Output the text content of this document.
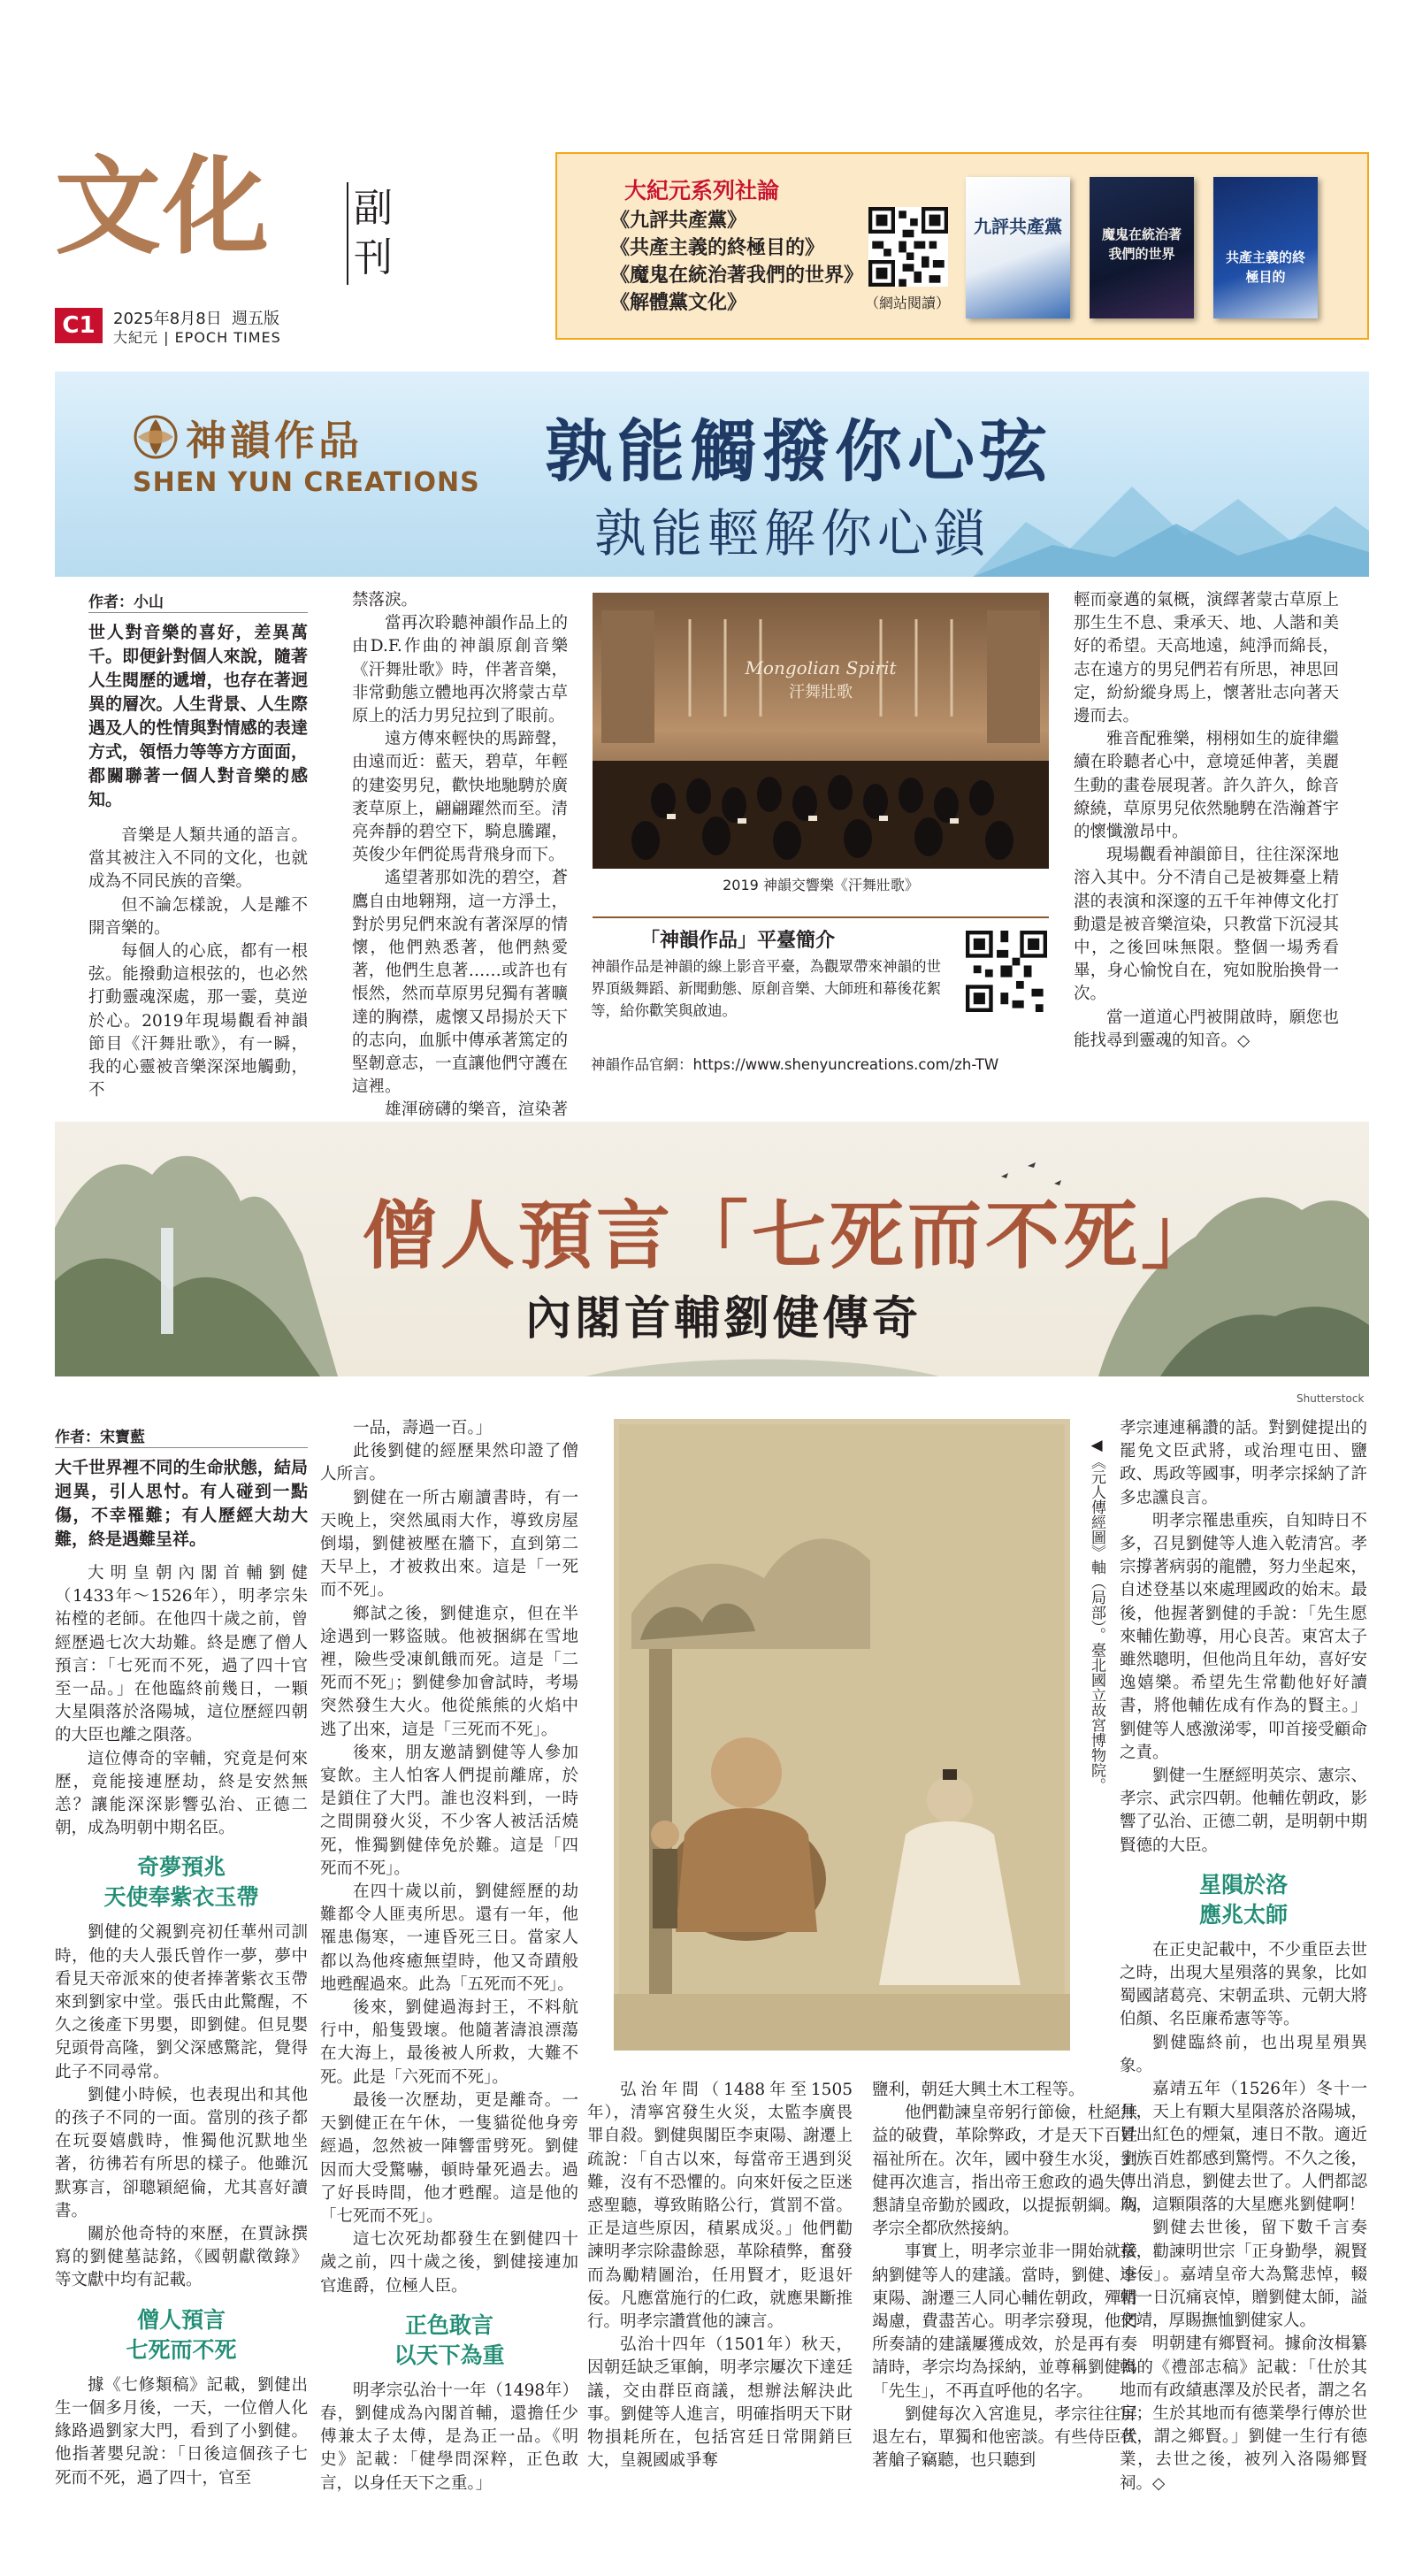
文化	副刊
C1	2025年8月8日 週五版
大紀元 | EPOCH TIMES
大紀元系列社論
《九評共產黨》
《共產主義的終極目的》
《魔鬼在統治著我們的世界》
《解體黨文化》	（網站閱讀）
九評共產黨	魔鬼在統治著我們的世界	共產主義的終極目的
神韻作品
SHEN YUN CREATIONS 孰能觸撥你心弦
孰能輕解你心鎖
作者：小山

世人對音樂的喜好，差異萬千。即便針對個人來說，隨著人生閱歷的遞增，也存在著迥異的層次。人生背景、人生際遇及人的性情與對情感的表達方式，領悟力等等方方面面，都關聯著一個人對音樂的感知。

音樂是人類共通的語言。當其被注入不同的文化，也就成為不同民族的音樂。

但不論怎樣說，人是離不開音樂的。

每個人的心底，都有一根弦。能撥動這根弦的，也必然打動靈魂深處，那一霎，莫逆於心。2019年現場觀看神韻節目《汗舞壯歌》，有一瞬，我的心靈被音樂深深地觸動，不

禁落淚。

當再次聆聽神韻作品上的由D.F.作曲的神韻原創音樂《汗舞壯歌》時，伴著音樂，非常動態立體地再次將蒙古草原上的活力男兒拉到了眼前。

遠方傳來輕快的馬蹄聲，由遠而近：藍天，碧草，年輕的建姿男兒，歡快地馳騁於廣袤草原上，翩翩躍然而至。清亮奔靜的碧空下，騎息騰躍，英俊少年們從馬背飛身而下。

遙望著那如洗的碧空，蒼鷹自由地翱翔，這一方淨土，對於男兒們來說有著深厚的情懷，他們熟悉著，他們熱愛著，他們生息著……或許也有悵然，然而草原男兒獨有著曠達的胸襟，處懷又昂揚於天下的志向，血脈中傳承著篤定的堅韌意志，一直讓他們守護在這裡。

雄渾磅礴的樂音，渲染著

Mongolian Spirit
汗舞壯歌
2019 神韻交響樂《汗舞壯歌》
「神韻作品」平臺簡介
神韻作品是神韻的線上影音平臺，為觀眾帶來神韻的世界頂級舞蹈、新聞動態、原創音樂、大師班和幕後花絮等，給你歡笑與啟迪。
神韻作品官網：https://www.shenyuncreations.com/zh-TW

輕而豪邁的氣概，演繹著蒙古草原上那生生不息、秉承天、地、人諧和美好的希望。天高地遠，純淨而綿長，志在遠方的男兒們若有所思，神思回定，紛紛縱身馬上，懷著壯志向著天邊而去。

雅音配雅樂，栩栩如生的旋律繼續在聆聽者心中，意境延伸著，美麗生動的畫卷展現著。許久許久，餘音繚繞，草原男兒依然馳騁在浩瀚蒼宇的懷懺激昂中。

現場觀看神韻節目，往往深深地溶入其中。分不清自己是被舞臺上精湛的表演和深邃的五千年神傳文化打動還是被音樂渲染，只教當下沉浸其中，之後回味無限。整個一場秀看畢，身心愉悅自在，宛如脫胎換骨一次。

當一道道心門被開啟時，願您也能找尋到靈魂的知音。◇

僧人預言「七死而不死」
內閣首輔劉健傳奇
Shutterstock
作者：宋寶藍

大千世界裡不同的生命狀態，結局迥異，引人思忖。有人碰到一點傷，不幸罹難；有人歷經大劫大難，終是遇難呈祥。

大明皇朝內閣首輔劉健（1433年～1526年），明孝宗朱祐樘的老師。在他四十歲之前，曾經歷過七次大劫難。終是應了僧人預言：「七死而不死，過了四十官至一品。」在他臨終前幾日，一顆大星隕落於洛陽城，這位歷經四朝的大臣也離之隕落。

這位傳奇的宰輔，究竟是何來歷，竟能接連歷劫，終是安然無恙？讓能深深影響弘治、正德二朝，成為明朝中期名臣。

奇夢預兆
天使奉紫衣玉帶

劉健的父親劉亮初任華州司訓時，他的夫人張氏曾作一夢，夢中看見天帝派來的使者捧著紫衣玉帶來到劉家中堂。張氏由此驚醒，不久之後產下男嬰，即劉健。但見嬰兒頭骨高隆，劉父深感驚詫，覺得此子不同尋常。

劉健小時候，也表現出和其他的孩子不同的一面。當別的孩子都在玩耍嬉戲時，惟獨他沉默地坐著，彷彿若有所思的樣子。他雖沉默寡言，卻聰穎絕倫，尤其喜好讀書。

關於他奇特的來歷，在賈詠撰寫的劉健墓誌銘，《國朝獻徵錄》等文獻中均有記載。

僧人預言
七死而不死

據《七修類稿》記載，劉健出生一個多月後，一天，一位僧人化緣路過劉家大門，看到了小劉健。他指著嬰兒說：「日後這個孩子七死而不死，過了四十，官至

一品，壽過一百。」

此後劉健的經歷果然印證了僧人所言。

劉健在一所古廟讀書時，有一天晚上，突然風雨大作，導致房屋倒塌，劉健被壓在牆下，直到第二天早上，才被救出來。這是「一死而不死」。

鄉試之後，劉健進京，但在半途遇到一夥盜賊。他被捆綁在雪地裡，險些受凍飢餓而死。這是「二死而不死」；劉健參加會試時，考場突然發生大火。他從熊熊的火焰中逃了出來，這是「三死而不死」。

後來，朋友邀請劉健等人參加宴飲。主人怕客人們提前離席，於是鎖住了大門。誰也沒料到，一時之間開發火災，不少客人被活活燒死，惟獨劉健倖免於難。這是「四死而不死」。

在四十歲以前，劉健經歷的劫難都令人匪夷所思。還有一年，他罹患傷寒，一連昏死三日。當家人都以為他疼癒無望時，他又奇蹟般地甦醒過來。此為「五死而不死」。

後來，劉健過海封王，不料航行中，船隻毀壞。他隨著濤浪漂蕩在大海上，最後被人所救，大難不死。此是「六死而不死」。

最後一次歷劫，更是離奇。一天劉健正在午休，一隻貓從他身旁經過，忽然被一陣響雷劈死。劉健因而大受驚嚇，頓時暈死過去。過了好長時間，他才甦醒。這是他的「七死而不死」。

這七次死劫都發生在劉健四十歲之前，四十歲之後，劉健接連加官進爵，位極人臣。

正色敢言
以天下為重

明孝宗弘治十一年（1498年）春，劉健成為內閣首輔，還擔任少傅兼太子太傅，是為正一品。《明史》記載：「健學問深粹，正色敢言，以身任天下之重。」

◀《元人傳經圖》軸（局部）。臺北國立故宮博物院。

弘治年間（1488年至1505年），清寧宮發生火災，太監李廣畏罪自殺。劉健與閣臣李東陽、謝遷上疏說：「自古以來，每當帝王遇到災難，沒有不恐懼的。向來奸佞之臣迷惑聖聽，導致賄賂公行，賞罰不當。正是這些原因，積累成災。」他們勸諫明孝宗除盡餘惡，革除積弊，奮發而為勵精圖治，任用賢才，貶退奸佞。凡應當施行的仁政，就應果斷推行。明孝宗讚賞他的諫言。

弘治十四年（1501年）秋天，因朝廷缺乏軍餉，明孝宗屢次下達廷議，交由群臣商議，想辦法解決此事。劉健等人進言，明確指明天下財物損耗所在，包括宮廷日常開銷巨大，皇親國戚爭奪

鹽利，朝廷大興土木工程等。

他們勸諫皇帝躬行節儉，杜絕無益的破費，革除弊政，才是天下百姓福祉所在。次年，國中發生水災，劉健再次進言，指出帝王愈政的過失，懇請皇帝勤於國政，以提振朝綱。明孝宗全都欣然接納。

事實上，明孝宗並非一開始就接納劉健等人的建議。當時，劉健、李東陽、謝遷三人同心輔佐朝政，殫精竭慮，費盡苦心。明孝宗發現，他們所奏請的建議屢獲成效，於是再有奏請時，孝宗均為採納，並尊稱劉健為「先生」，不再直呼他的名字。

劉健每次入宮進見，孝宗往往屏退左右，單獨和他密談。有些侍臣伏著艙子竊聽，也只聽到

孝宗連連稱讚的話。對劉健提出的罷免文臣武將，或治理屯田、鹽政、馬政等國事，明孝宗採納了許多忠讜良言。

明孝宗罹患重疾，自知時日不多，召見劉健等人進入乾清宮。孝宗撐著病弱的龍體，努力坐起來，自述登基以來處理國政的始末。最後，他握著劉健的手說：「先生愿來輔佐勤導，用心良苦。東宮太子雖然聰明，但他尚且年幼，喜好安逸嬉樂。希望先生常勸他好好讀書，將他輔佐成有作為的賢主。」劉健等人感激涕零，叩首接受顧命之責。

劉健一生歷經明英宗、憲宗、孝宗、武宗四朝。他輔佐朝政，影響了弘治、正德二朝，是明朝中期賢德的大臣。

星隕於洛
應兆太師

在正史記載中，不少重臣去世之時，出現大星殞落的異象，比如蜀國諸葛亮、宋朝孟珙、元朝大將伯顏、名臣廉希憲等等。

劉健臨終前，也出現星殞異象。

嘉靖五年（1526年）冬十一月，天上有顆大星隕落於洛陽城，冒出紅色的煙氣，連日不散。適近士族百姓都感到驚愕。不久之後，傳出消息，劉健去世了。人們都認為，這顆隕落的大星應兆劉健啊！

劉健去世後，留下數千言奏章，勸諫明世宗「正身勤學，親賢遠佞」。嘉靖皇帝大為驚悲悼，輟朝一日沉痛哀悼，贈劉健太師，謚文靖，厚賜撫恤劉健家人。

明朝建有鄉賢祠。據俞汝楫纂輯的《禮部志稿》記載：「仕於其地而有政績惠澤及於民者，謂之名宦；生於其地而有德業學行傳於世者，謂之鄉賢。」劉健一生行有德業，去世之後，被列入洛陽鄉賢祠。◇
